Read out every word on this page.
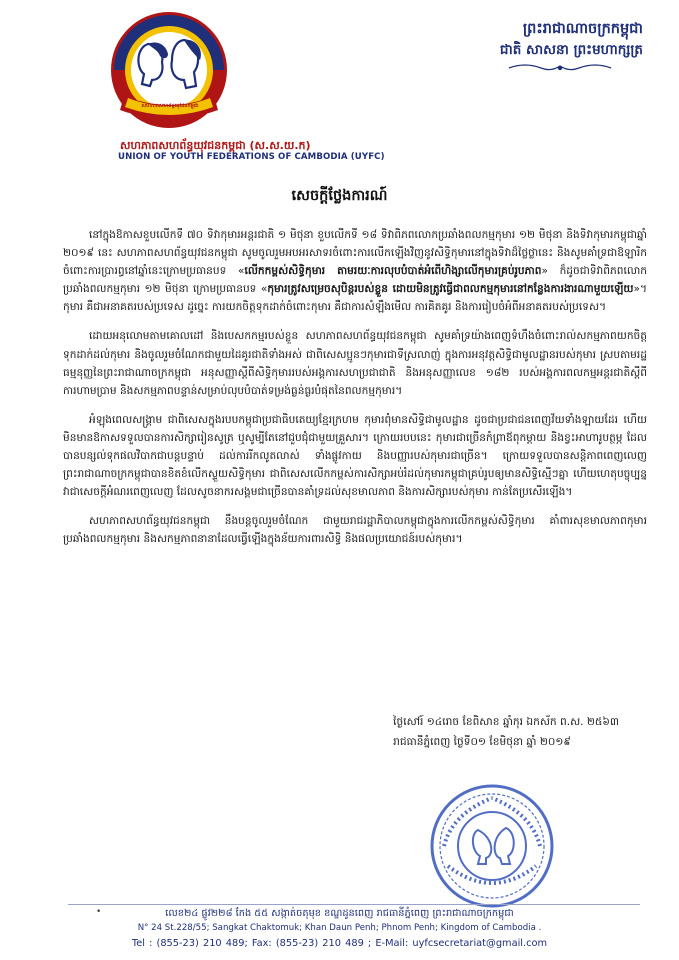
សហភាពសហព័ន្ធយុវជនកម្ពុជា
សហភាពសហព័ន្ធយុវជនកម្ពុជា (ស.ស.យ.ក)
UNION OF YOUTH FEDERATIONS OF CAMBODIA (UYFC)
ព្រះរាជាណាចក្រកម្ពុជា
ជាតិ សាសនា ព្រះមហាក្សត្រ
សេចក្តីថ្លែងការណ៍

នៅក្នុងឱកាសខួបលើកទី ៧០ ទិវាកុមារអន្តរជាតិ ១ មិថុនា ខួបលើកទី ១៨ ទិវាពិភពលោកប្រឆាំងពលកម្មកុមារ ១២ មិថុនា និងទិវាកុមារកម្ពុជាឆ្នាំ ២០១៩ នេះ សហភាពសហព័ន្ធយុវជនកម្ពុជា សូមចូលរួមអបអរសាទរចំពោះការលើកឡើងវិញនូវសិទ្ធិកុមារនៅក្នុងទិវាដ៏ថ្លៃថ្លានេះ និងសូមគាំទ្រជាឱឡារិកចំពោះការប្រារព្ធនៅឆ្នាំនេះក្រោមប្រធានបទ «លើកកម្ពស់សិទ្ធិកុមារ តាមរយៈការលុបបំបាត់អំពើហិង្សាលើកុមារគ្រប់រូបភាព» ក៏ដូចជាទិវាពិភពលោកប្រឆាំងពលកម្មកុមារ ១២ មិថុនា ក្រោមប្រធានបទ «កុមារត្រូវសម្រេចសុបិន្តរបស់ខ្លួន ដោយមិនត្រូវធ្វើជាពលកម្មកុមារនៅកន្លែងការងារណាមួយឡើយ»។ កុមារ គឺជាអនាគតរបស់ប្រទេស ដូច្នេះ ការយកចិត្តទុកដាក់ចំពោះកុមារ គឺជាការសំឡឹងមើល ការគិតគូរ និងការរៀបចំអំពីអនាគតរបស់ប្រទេស។

ដោយអនុលោមតាមគោលដៅ និងបេសកកម្មរបស់ខ្លួន សហភាពសហព័ន្ធយុវជនកម្ពុជា សូមគាំទ្រយ៉ាងពេញទំហឹងចំពោះរាល់សកម្មភាពយកចិត្តទុកដាក់ដល់កុមារ និងចូលរួមចំណែកជាមួយដៃគូរជាតិទាំងអស់ ជាពិសេសប្អូនៗកុមារជាទីស្រលាញ់ ក្នុងការអនុវត្តសិទ្ធិជាមូលដ្ឋានរបស់កុមារ ស្របតាមរដ្ឋធម្មនុញ្ញនៃព្រះរាជាណាចក្រកម្ពុជា អនុសញ្ញាស្តីពីសិទ្ធិកុមាររបស់អង្គការសហប្រជាជាតិ និងអនុសញ្ញាលេខ ១៨២ របស់អង្គការពលកម្មអន្តរជាតិស្តីពីការហាមប្រាម និងសកម្មភាពបន្ទាន់សម្រាប់លុបបំបាត់ទម្រង់ធ្ងន់ធ្ងរបំផុតនៃពលកម្មកុមារ។

អំឡុងពេលសង្គ្រាម ជាពិសេសក្នុងរបបកម្ពុជាប្រជាធិបតេយ្យខ្មែរក្រហម កុមារពុំមានសិទ្ធិជាមូលដ្ឋាន ដូចជាប្រជាជនពេញវ័យទាំងឡាយដែរ ហើយមិនមានឱកាសទទួលបានការសិក្សារៀនសូត្រ ឬសូម្បីតែនៅជួបជុំជាមួយគ្រួសារ។ ក្រោយរបបនេះ កុមារជាច្រើនកំព្រាឪពុកម្តាយ និងខ្វះអាហារូបត្ថម្ភ ដែលបានបន្សល់ទុកផលវិបាកជាបន្តបន្ទាប់ ដល់ការរីកលូតលាស់ ទាំងផ្លូវកាយ និងបញ្ញារបស់កុមារជាច្រើន។ ក្រោយទទួលបានសន្តិភាពពេញលេញ ព្រះរាជាណាចក្រកម្ពុជាបានខិតខំលើកស្ទួយសិទ្ធិកុមារ ជាពិសេសលើកកម្ពស់ការសិក្សាអប់រំដល់កុមារកម្ពុជាគ្រប់រូបឲ្យមានសិទ្ធិស្មើៗគ្នា ហើយហេតុបច្ចុប្បន្ន វាជាសេចក្តីអំណរពេញលេញ ដែលសូចនាករសង្គមជាច្រើនបានគាំទ្រដល់សុខមាលភាព និងការសិក្សារបស់កុមារ កាន់តែប្រសើរឡើង។

សហភាពសហព័ន្ធយុវជនកម្ពុជា នឹងបន្តចូលរួមចំណែក ជាមួយរាជរដ្ឋាភិបាលកម្ពុជាក្នុងការលើកកម្ពស់សិទ្ធិកុមារ គាំពារសុខមាលភាពកុមារ ប្រឆាំងពលកម្មកុមារ និងសកម្មភាពនានាដែលធ្វើឡើងក្នុងន័យការពារសិទ្ធិ និងផលប្រយោជន៍របស់កុមារ។

ថ្ងៃសៅរ៍ ១៤រោច ខែពិសាខ ឆ្នាំកុរ ឯកស័ក ព.ស. ២៥៦៣
រាជធានីភ្នំពេញ ថ្ងៃទី០១ ខែមិថុនា ឆ្នាំ ២០១៩
•	លេខ២៤ ផ្លូវ២២៨ កែង ៥៥ សង្កាត់ចតុមុខ ខណ្ឌដូនពេញ រាជធានីភ្នំពេញ ព្រះរាជាណាចក្រកម្ពុជា
N° 24 St.228/55; Sangkat Chaktomuk; Khan Daun Penh; Phnom Penh; Kingdom of Cambodia .
Tel : (855-23) 210 489; Fax: (855-23) 210 489 ; E-Mail: uyfcsecretariat@gmail.com
